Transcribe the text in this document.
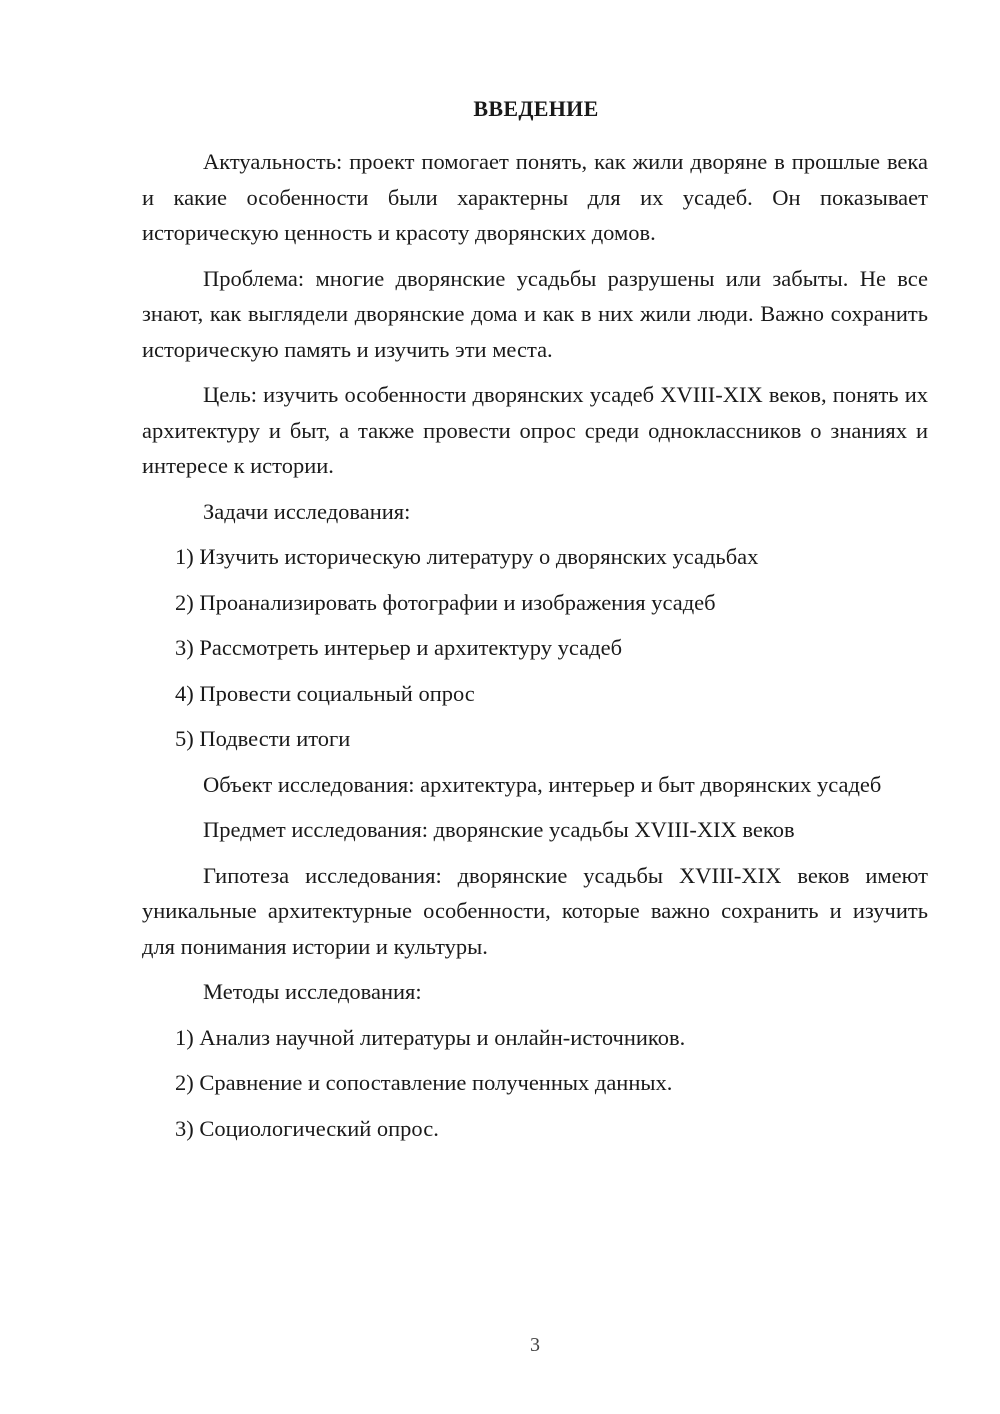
ВВЕДЕНИЕ

Актуальность: проект помогает понять, как жили дворяне в прошлые века и какие особенности были характерны для их усадеб. Он показывает историческую ценность и красоту дворянских домов.

Проблема: многие дворянские усадьбы разрушены или забыты. Не все знают, как выглядели дворянские дома и как в них жили люди. Важно сохранить историческую память и изучить эти места.

Цель: изучить особенности дворянских усадеб XVIII-XIX веков, понять их архитектуру и быт, а также провести опрос среди одноклассников о знаниях и интересе к истории.

Задачи исследования:

1) Изучить историческую литературу о дворянских усадьбах
2) Проанализировать фотографии и изображения усадеб
3) Рассмотреть интерьер и архитектуру усадеб
4) Провести социальный опрос
5) Подвести итоги

Объект исследования: архитектура, интерьер и быт дворянских усадеб

Предмет исследования: дворянские усадьбы XVIII-XIX веков

Гипотеза исследования: дворянские усадьбы XVIII-XIX веков имеют уникальные архитектурные особенности, которые важно сохранить и изучить для понимания истории и культуры.

Методы исследования:

1) Анализ научной литературы и онлайн-источников.
2) Сравнение и сопоставление полученных данных.
3) Социологический опрос.
3
